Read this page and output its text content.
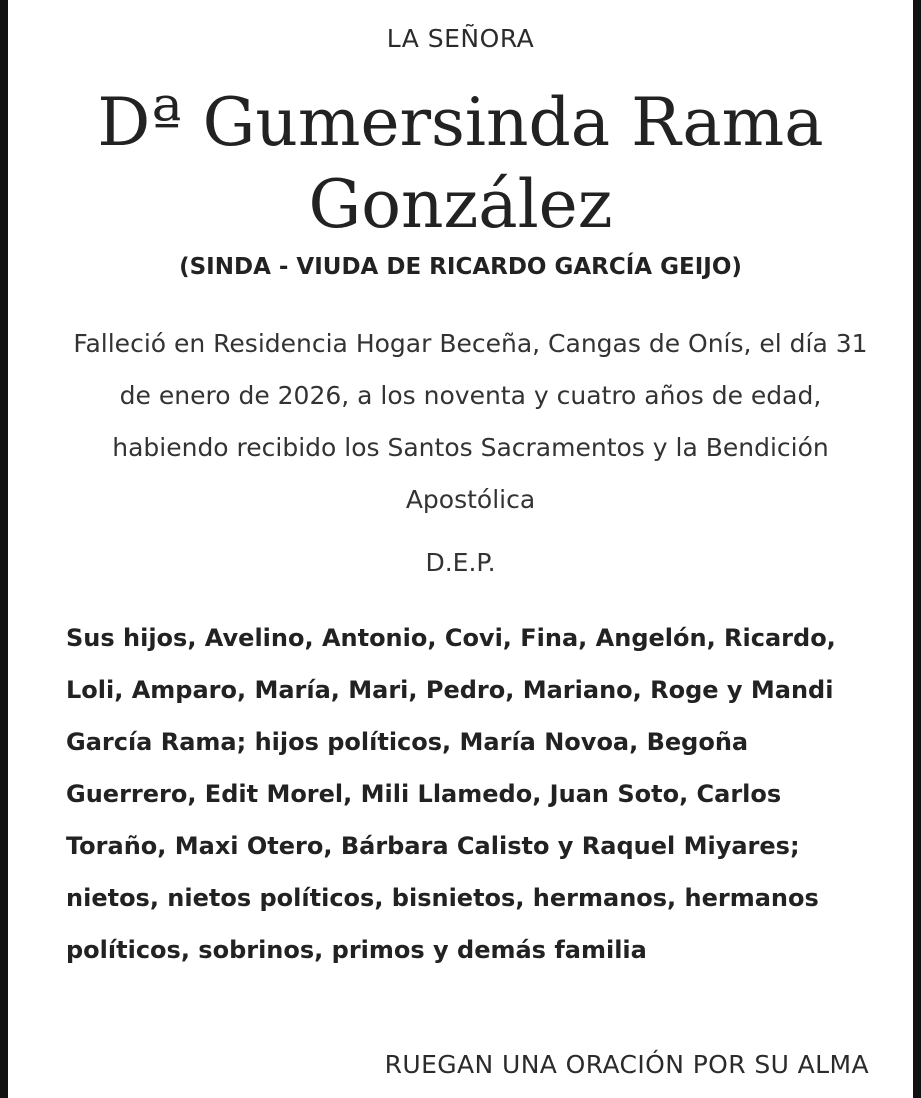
LA SEÑORA
Dª Gumersinda Rama
González
(SINDA - VIUDA DE RICARDO GARCÍA GEIJO)
Falleció en Residencia Hogar Beceña, Cangas de Onís, el día 31 de enero de 2026, a los noventa y cuatro años de edad, habiendo recibido los Santos Sacramentos y la Bendición Apostólica
D.E.P.
Sus hijos, Avelino, Antonio, Covi, Fina, Angelón, Ricardo, Loli, Amparo, María, Mari, Pedro, Mariano, Roge y Mandi García Rama; hijos políticos, María Novoa, Begoña Guerrero, Edit Morel, Mili Llamedo, Juan Soto, Carlos Toraño, Maxi Otero, Bárbara Calisto y Raquel Miyares; nietos, nietos políticos, bisnietos, hermanos, hermanos políticos, sobrinos, primos y demás familia
RUEGAN UNA ORACIÓN POR SU ALMA
